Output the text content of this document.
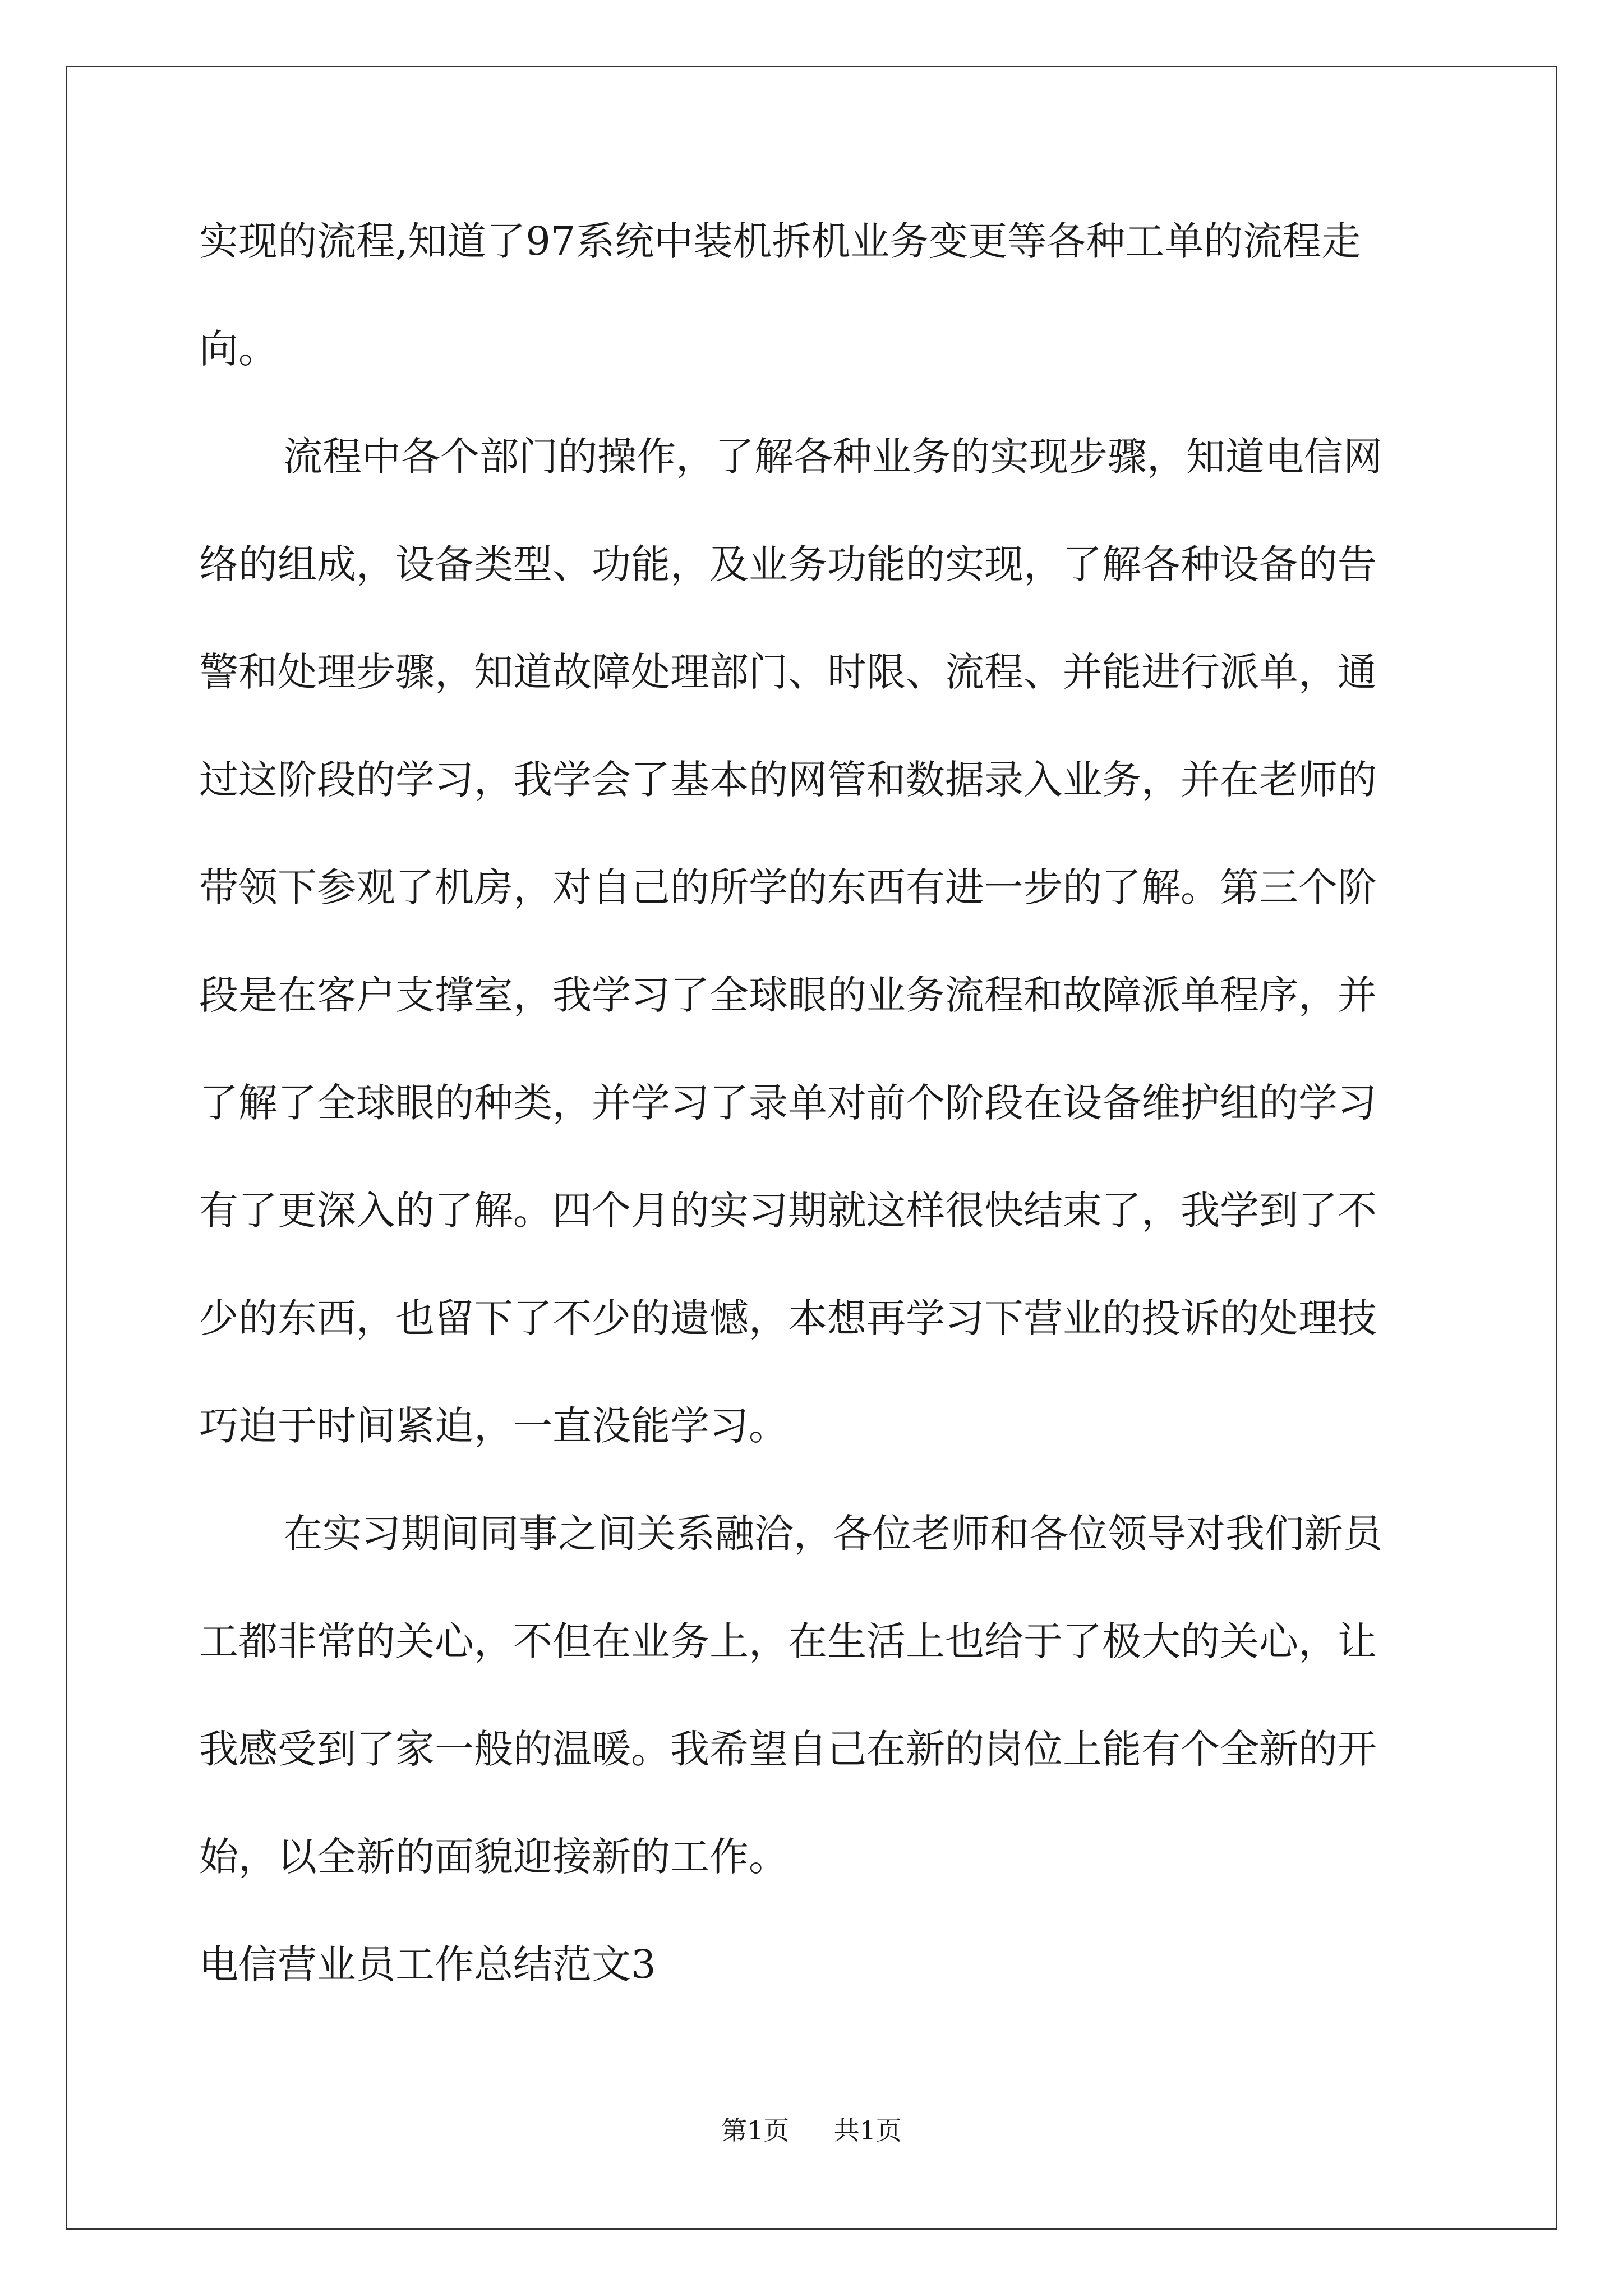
实现的流程,知道了97系统中装机拆机业务变更等各种工单的流程走

向。

流程中各个部门的操作，了解各种业务的实现步骤，知道电信网

络的组成，设备类型、功能，及业务功能的实现，了解各种设备的告

警和处理步骤，知道故障处理部门、时限、流程、并能进行派单，通

过这阶段的学习，我学会了基本的网管和数据录入业务，并在老师的

带领下参观了机房，对自己的所学的东西有进一步的了解。第三个阶

段是在客户支撑室，我学习了全球眼的业务流程和故障派单程序，并

了解了全球眼的种类，并学习了录单对前个阶段在设备维护组的学习

有了更深入的了解。四个月的实习期就这样很快结束了，我学到了不

少的东西，也留下了不少的遗憾，本想再学习下营业的投诉的处理技

巧迫于时间紧迫，一直没能学习。

在实习期间同事之间关系融洽，各位老师和各位领导对我们新员

工都非常的关心，不但在业务上，在生活上也给于了极大的关心，让

我感受到了家一般的温暖。我希望自己在新的岗位上能有个全新的开

始，以全新的面貌迎接新的工作。

电信营业员工作总结范文3

第1页 共1页
